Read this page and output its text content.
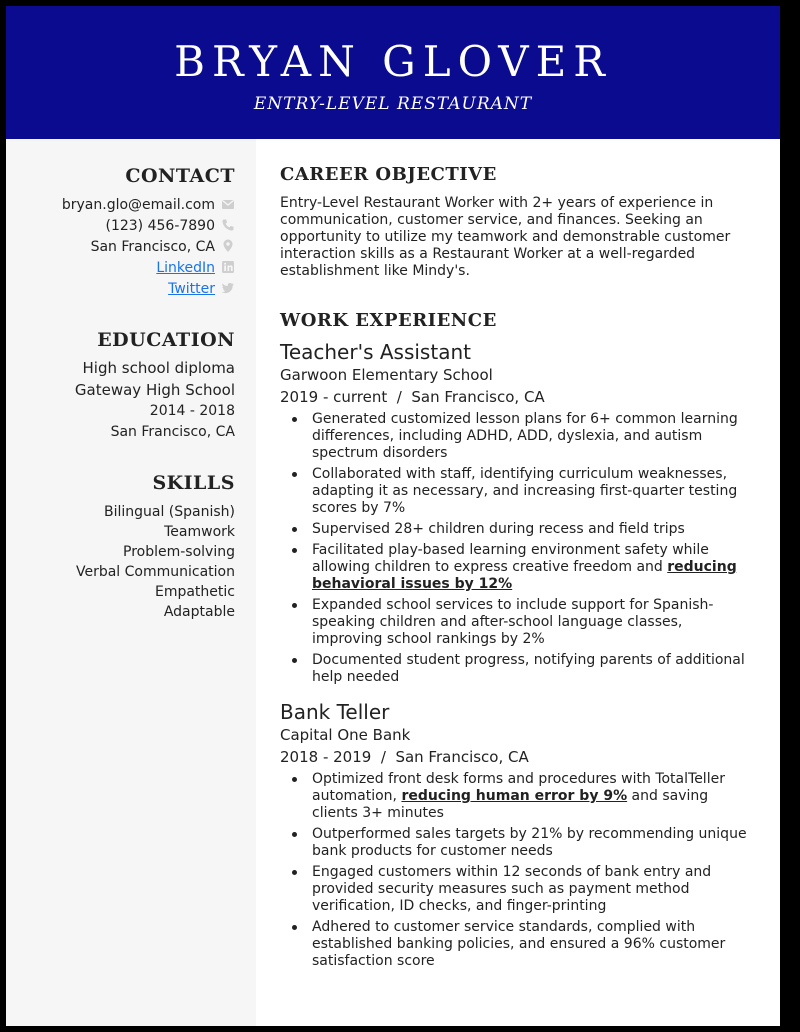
BRYAN GLOVER
ENTRY-LEVEL RESTAURANT
CONTACT
bryan.glo@email.com
(123) 456-7890
San Francisco, CA
LinkedIn
Twitter
EDUCATION
High school diploma
Gateway High School
2014 - 2018
San Francisco, CA
SKILLS
Bilingual (Spanish)
Teamwork
Problem-solving
Verbal Communication
Empathetic
Adaptable
CAREER OBJECTIVE
Entry-Level Restaurant Worker with 2+ years of experience in communication, customer service, and finances. Seeking an opportunity to utilize my teamwork and demonstrable customer interaction skills as a Restaurant Worker at a well-regarded establishment like Mindy's.
WORK EXPERIENCE
Teacher's Assistant
Garwoon Elementary School
2019 - current  /  San Francisco, CA
Generated customized lesson plans for 6+ common learning differences, including ADHD, ADD, dyslexia, and autism spectrum disorders
Collaborated with staff, identifying curriculum weaknesses, adapting it as necessary, and increasing first-quarter testing scores by 7%
Supervised 28+ children during recess and field trips
Facilitated play-based learning environment safety while allowing children to express creative freedom and reducing behavioral issues by 12%
Expanded school services to include support for Spanish-speaking children and after-school language classes, improving school rankings by 2%
Documented student progress, notifying parents of additional help needed
Bank Teller
Capital One Bank
2018 - 2019  /  San Francisco, CA
Optimized front desk forms and procedures with TotalTeller automation, reducing human error by 9% and saving clients 3+ minutes
Outperformed sales targets by 21% by recommending unique bank products for customer needs
Engaged customers within 12 seconds of bank entry and provided security measures such as payment method verification, ID checks, and finger-printing
Adhered to customer service standards, complied with established banking policies, and ensured a 96% customer satisfaction score
